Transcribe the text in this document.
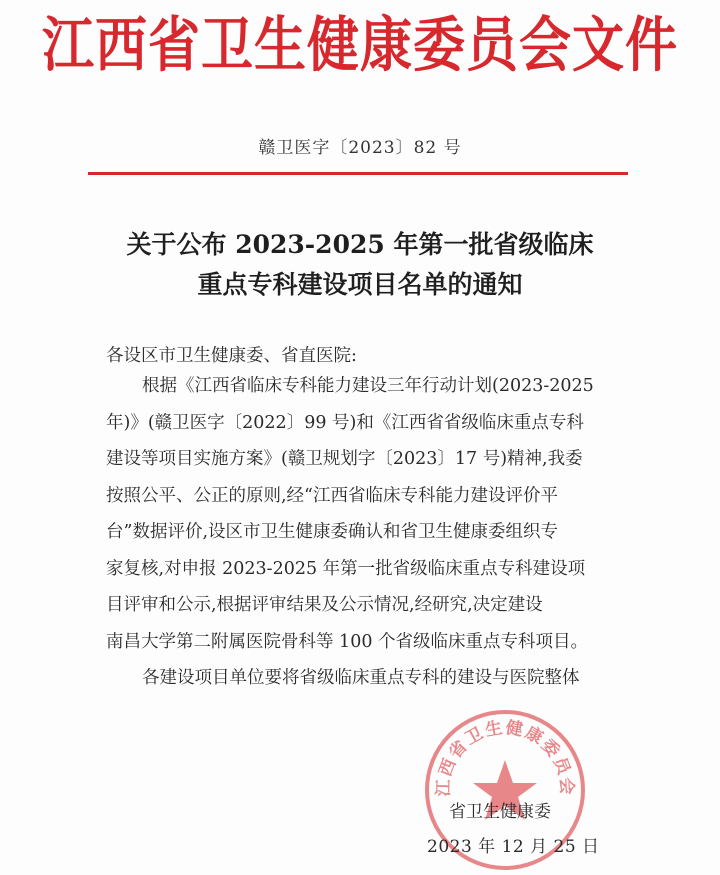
江西省卫生健康委员会文件
赣卫医字〔2023〕82 号
关于公布 2023-2025 年第一批省级临床
重点专科建设项目名单的通知
各设区市卫生健康委、省直医院:
根据《江西省临床专科能力建设三年行动计划(2023-2025
年)》(赣卫医字〔2022〕99 号)和《江西省省级临床重点专科
建设等项目实施方案》(赣卫规划字〔2023〕17 号)精神,我委
按照公平、公正的原则,经“江西省临床专科能力建设评价平
台”数据评价,设区市卫生健康委确认和省卫生健康委组织专
家复核,对申报 2023-2025 年第一批省级临床重点专科建设项
目评审和公示,根据评审结果及公示情况,经研究,决定建设
南昌大学第二附属医院骨科等 100 个省级临床重点专科项目。
各建设项目单位要将省级临床重点专科的建设与医院整体
江西省卫生健康委员会
省卫生健康委
2023 年 12 月 25 日
